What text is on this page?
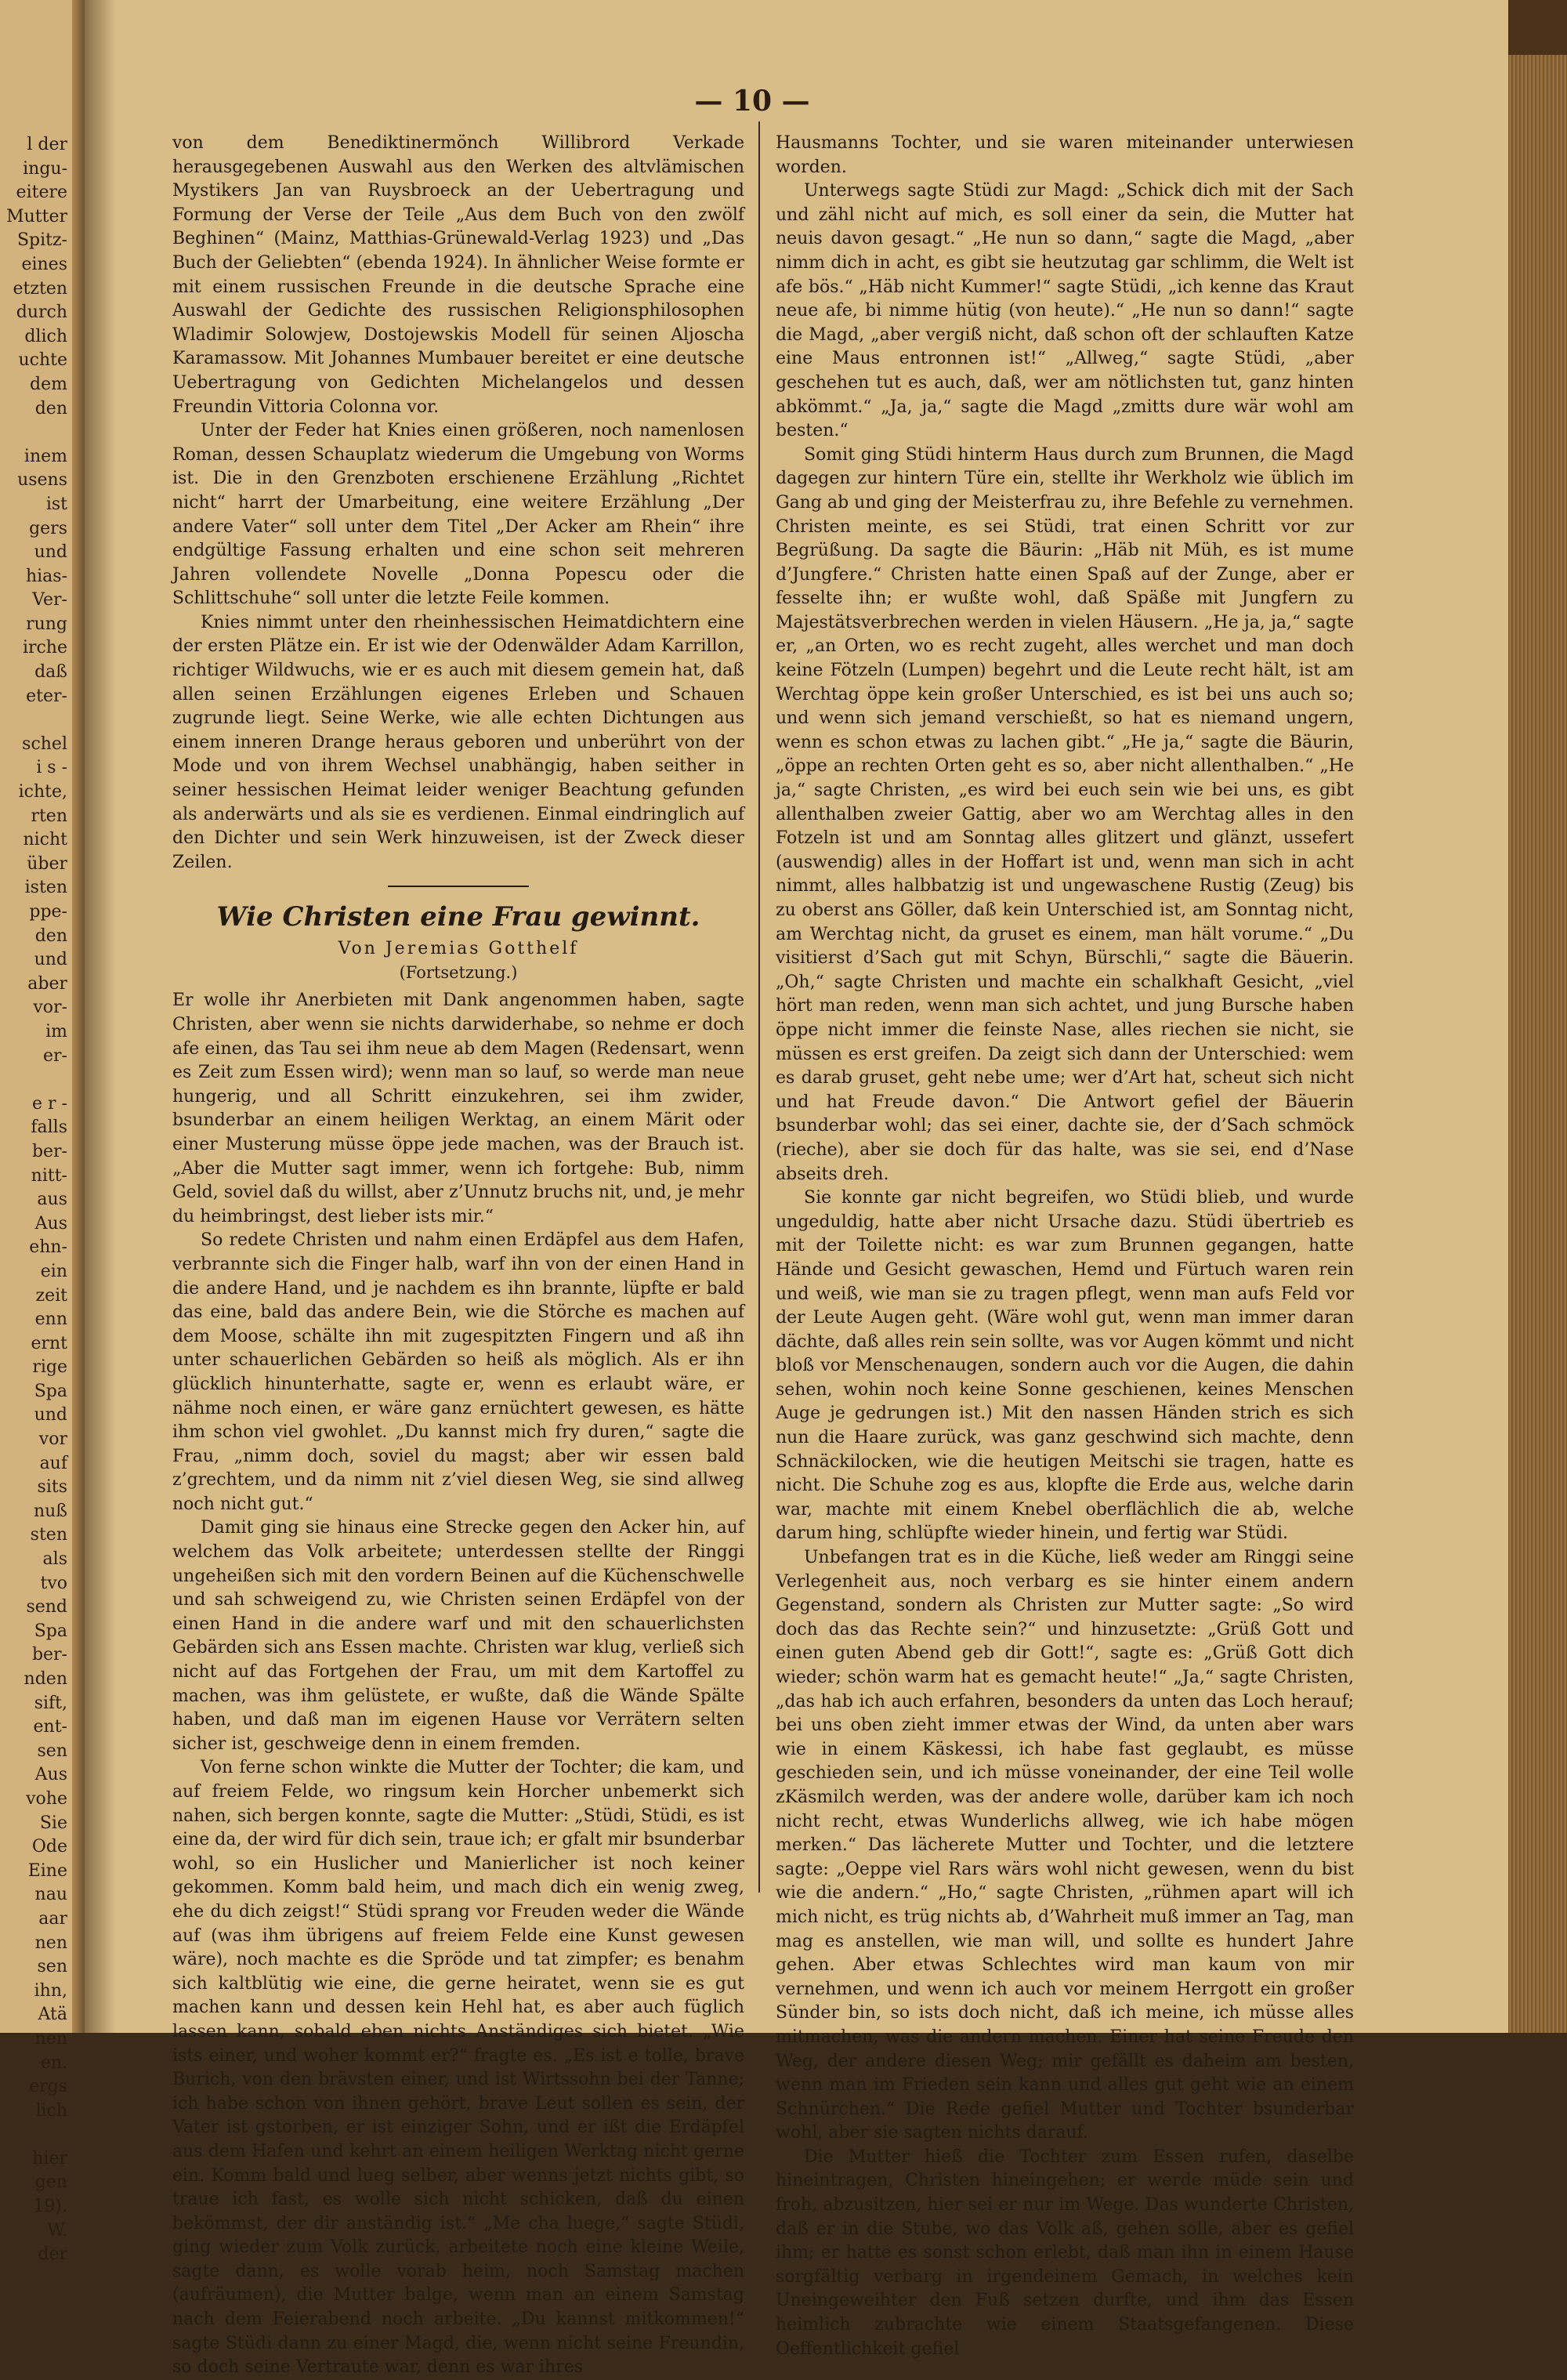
l der
ingu-
eitere
Mutter
Spitz-
eines
etzten
durch
dlich
uchte
dem
den

inem
usens
ist
gers
und
hias-
Ver-
rung
irche
daß
eter-

schel
i s -
ichte,
rten
nicht
über
isten
ppe-
den
und
aber
vor-
im
er-

e r -
falls
ber-
nitt-
aus
Aus
ehn-
ein
zeit
enn
ernt
rige
Spa
und
vor
auf
sits
nuß
sten
als
tvo
send
Spa
ber-
nden
sift,
ent-
sen
Aus
vohe
Sie
Ode
Eine
nau
aar
nen
sen
ihn,
Atä
nen
en.
ergs
lich

hier
gen
19).
W.
der
— 10 —

von dem Benediktinermönch Willibrord Verkade herausgegebenen Auswahl aus den Werken des altvlämischen Mystikers Jan van Ruysbroeck an der Uebertragung und Formung der Verse der Teile „Aus dem Buch von den zwölf Beghinen“ (Mainz, Matthias-Grünewald-Verlag 1923) und „Das Buch der Geliebten“ (ebenda 1924). In ähnlicher Weise formte er mit einem russischen Freunde in die deutsche Sprache eine Auswahl der Gedichte des russischen Religionsphilosophen Wladimir Solowjew, Dostojewskis Modell für seinen Aljoscha Karamassow. Mit Johannes Mumbauer bereitet er eine deutsche Uebertragung von Gedichten Michelangelos und dessen Freundin Vittoria Colonna vor.

Unter der Feder hat Knies einen größeren, noch namenlosen Roman, dessen Schauplatz wiederum die Umgebung von Worms ist. Die in den Grenzboten erschienene Erzählung „Richtet nicht“ harrt der Umarbeitung, eine weitere Erzählung „Der andere Vater“ soll unter dem Titel „Der Acker am Rhein“ ihre endgültige Fassung erhalten und eine schon seit mehreren Jahren vollendete Novelle „Donna Popescu oder die Schlittschuhe“ soll unter die letzte Feile kommen.

Knies nimmt unter den rheinhessischen Heimatdichtern eine der ersten Plätze ein. Er ist wie der Odenwälder Adam Karrillon, richtiger Wildwuchs, wie er es auch mit diesem gemein hat, daß allen seinen Erzählungen eigenes Erleben und Schauen zugrunde liegt. Seine Werke, wie alle echten Dichtungen aus einem inneren Drange heraus geboren und unberührt von der Mode und von ihrem Wechsel unabhängig, haben seither in seiner hessischen Heimat leider weniger Beachtung gefunden als anderwärts und als sie es verdienen. Einmal eindringlich auf den Dichter und sein Werk hinzuweisen, ist der Zweck dieser Zeilen.

Wie Christen eine Frau gewinnt.
Von Jeremias Gotthelf
(Fortsetzung.)

Er wolle ihr Anerbieten mit Dank angenommen haben, sagte Christen, aber wenn sie nichts darwiderhabe, so nehme er doch afe einen, das Tau sei ihm neue ab dem Magen (Redensart, wenn es Zeit zum Essen wird); wenn man so lauf, so werde man neue hungerig, und all Schritt einzukehren, sei ihm zwider, bsunderbar an einem heiligen Werktag, an einem Märit oder einer Musterung müsse öppe jede machen, was der Brauch ist. „Aber die Mutter sagt immer, wenn ich fortgehe: Bub, nimm Geld, soviel daß du willst, aber z’Unnutz bruchs nit, und, je mehr du heimbringst, dest lieber ists mir.“

So redete Christen und nahm einen Erdäpfel aus dem Hafen, verbrannte sich die Finger halb, warf ihn von der einen Hand in die andere Hand, und je nachdem es ihn brannte, lüpfte er bald das eine, bald das andere Bein, wie die Störche es machen auf dem Moose, schälte ihn mit zugespitzten Fingern und aß ihn unter schauerlichen Gebärden so heiß als möglich. Als er ihn glücklich hinunterhatte, sagte er, wenn es erlaubt wäre, er nähme noch einen, er wäre ganz ernüchtert gewesen, es hätte ihm schon viel gwohlet. „Du kannst mich fry duren,“ sagte die Frau, „nimm doch, soviel du magst; aber wir essen bald z’grechtem, und da nimm nit z’viel diesen Weg, sie sind allweg noch nicht gut.“

Damit ging sie hinaus eine Strecke gegen den Acker hin, auf welchem das Volk arbeitete; unterdessen stellte der Ringgi ungeheißen sich mit den vordern Beinen auf die Küchenschwelle und sah schweigend zu, wie Christen seinen Erdäpfel von der einen Hand in die andere warf und mit den schauerlichsten Gebärden sich ans Essen machte. Christen war klug, verließ sich nicht auf das Fortgehen der Frau, um mit dem Kartoffel zu machen, was ihm gelüstete, er wußte, daß die Wände Spälte haben, und daß man im eigenen Hause vor Verrätern selten sicher ist, geschweige denn in einem fremden.

Von ferne schon winkte die Mutter der Tochter; die kam, und auf freiem Felde, wo ringsum kein Horcher unbemerkt sich nahen, sich bergen konnte, sagte die Mutter: „Stüdi, Stüdi, es ist eine da, der wird für dich sein, traue ich; er gfalt mir bsunderbar wohl, so ein Huslicher und Manierlicher ist noch keiner gekommen. Komm bald heim, und mach dich ein wenig zweg, ehe du dich zeigst!“ Stüdi sprang vor Freuden weder die Wände auf (was ihm übrigens auf freiem Felde eine Kunst gewesen wäre), noch machte es die Spröde und tat zimpfer; es benahm sich kaltblütig wie eine, die gerne heiratet, wenn sie es gut machen kann und dessen kein Hehl hat, es aber auch füglich lassen kann, sobald eben nichts Anständiges sich bietet. „Wie ists einer, und woher kommt er?“ fragte es. „Es ist e tolle, brave Burich, von den brävsten einer, und ist Wirtssohn bei der Tanne; ich habe schon von ihnen gehört, brave Leut sollen es sein, der Vater ist gstorben, er ist einziger Sohn, und er ißt die Erdäpfel aus dem Hafen und kehrt an einem heiligen Werktag nicht gerne ein. Komm bald und lueg selber, aber wenns jetzt nichts gibt, so traue ich fast, es wolle sich nicht schicken, daß du einen bekömmst, der dir anständig ist.“ „Me cha luege,“ sagte Stüdi, ging wieder zum Volk zurück, arbeitete noch eine kleine Weile, sagte dann, es wolle vorab heim, noch Samstag machen (aufräumen), die Mutter balge, wenn man an einem Samstag nach dem Feierabend noch arbeite. „Du kannst mitkommen!“ sagte Stüdi dann zu einer Magd, die, wenn nicht seine Freundin, so doch seine Vertraute war, denn es war ihres

Hausmanns Tochter, und sie waren miteinander unterwiesen worden.

Unterwegs sagte Stüdi zur Magd: „Schick dich mit der Sach und zähl nicht auf mich, es soll einer da sein, die Mutter hat neuis davon gesagt.“ „He nun so dann,“ sagte die Magd, „aber nimm dich in acht, es gibt sie heutzutag gar schlimm, die Welt ist afe bös.“ „Häb nicht Kummer!“ sagte Stüdi, „ich kenne das Kraut neue afe, bi nimme hütig (von heute).“ „He nun so dann!“ sagte die Magd, „aber vergiß nicht, daß schon oft der schlauften Katze eine Maus entronnen ist!“ „Allweg,“ sagte Stüdi, „aber geschehen tut es auch, daß, wer am nötlichsten tut, ganz hinten abkömmt.“ „Ja, ja,“ sagte die Magd „zmitts dure wär wohl am besten.“

Somit ging Stüdi hinterm Haus durch zum Brunnen, die Magd dagegen zur hintern Türe ein, stellte ihr Werkholz wie üblich im Gang ab und ging der Meisterfrau zu, ihre Befehle zu vernehmen. Christen meinte, es sei Stüdi, trat einen Schritt vor zur Begrüßung. Da sagte die Bäurin: „Häb nit Müh, es ist mume d’Jungfere.“ Christen hatte einen Spaß auf der Zunge, aber er fesselte ihn; er wußte wohl, daß Späße mit Jungfern zu Majestätsverbrechen werden in vielen Häusern. „He ja, ja,“ sagte er, „an Orten, wo es recht zugeht, alles werchet und man doch keine Fötzeln (Lumpen) begehrt und die Leute recht hält, ist am Werchtag öppe kein großer Unterschied, es ist bei uns auch so; und wenn sich jemand verschießt, so hat es niemand ungern, wenn es schon etwas zu lachen gibt.“ „He ja,“ sagte die Bäurin, „öppe an rechten Orten geht es so, aber nicht allenthalben.“ „He ja,“ sagte Christen, „es wird bei euch sein wie bei uns, es gibt allenthalben zweier Gattig, aber wo am Werchtag alles in den Fotzeln ist und am Sonntag alles glitzert und glänzt, ussefert (auswendig) alles in der Hoffart ist und, wenn man sich in acht nimmt, alles halbbatzig ist und ungewaschene Rustig (Zeug) bis zu oberst ans Göller, daß kein Unterschied ist, am Sonntag nicht, am Werchtag nicht, da gruset es einem, man hält vorume.“ „Du visitierst d’Sach gut mit Schyn, Bürschli,“ sagte die Bäuerin. „Oh,“ sagte Christen und machte ein schalkhaft Gesicht, „viel hört man reden, wenn man sich achtet, und jung Bursche haben öppe nicht immer die feinste Nase, alles riechen sie nicht, sie müssen es erst greifen. Da zeigt sich dann der Unterschied: wem es darab gruset, geht nebe ume; wer d’Art hat, scheut sich nicht und hat Freude davon.“ Die Antwort gefiel der Bäuerin bsunderbar wohl; das sei einer, dachte sie, der d’Sach schmöck (rieche), aber sie doch für das halte, was sie sei, end d’Nase abseits dreh.

Sie konnte gar nicht begreifen, wo Stüdi blieb, und wurde ungeduldig, hatte aber nicht Ursache dazu. Stüdi übertrieb es mit der Toilette nicht: es war zum Brunnen gegangen, hatte Hände und Gesicht gewaschen, Hemd und Fürtuch waren rein und weiß, wie man sie zu tragen pflegt, wenn man aufs Feld vor der Leute Augen geht. (Wäre wohl gut, wenn man immer daran dächte, daß alles rein sein sollte, was vor Augen kömmt und nicht bloß vor Menschenaugen, sondern auch vor die Augen, die dahin sehen, wohin noch keine Sonne geschienen, keines Menschen Auge je gedrungen ist.) Mit den nassen Händen strich es sich nun die Haare zurück, was ganz geschwind sich machte, denn Schnäckilocken, wie die heutigen Meitschi sie tragen, hatte es nicht. Die Schuhe zog es aus, klopfte die Erde aus, welche darin war, machte mit einem Knebel oberflächlich die ab, welche darum hing, schlüpfte wieder hinein, und fertig war Stüdi.

Unbefangen trat es in die Küche, ließ weder am Ringgi seine Verlegenheit aus, noch verbarg es sie hinter einem andern Gegenstand, sondern als Christen zur Mutter sagte: „So wird doch das das Rechte sein?“ und hinzusetzte: „Grüß Gott und einen guten Abend geb dir Gott!“, sagte es: „Grüß Gott dich wieder; schön warm hat es gemacht heute!“ „Ja,“ sagte Christen, „das hab ich auch erfahren, besonders da unten das Loch herauf; bei uns oben zieht immer etwas der Wind, da unten aber wars wie in einem Käskessi, ich habe fast geglaubt, es müsse geschieden sein, und ich müsse voneinander, der eine Teil wolle zKäsmilch werden, was der andere wolle, darüber kam ich noch nicht recht, etwas Wunderlichs allweg, wie ich habe mögen merken.“ Das lächerete Mutter und Tochter, und die letztere sagte: „Oeppe viel Rars wärs wohl nicht gewesen, wenn du bist wie die andern.“ „Ho,“ sagte Christen, „rühmen apart will ich mich nicht, es trüg nichts ab, d’Wahrheit muß immer an Tag, man mag es anstellen, wie man will, und sollte es hundert Jahre gehen. Aber etwas Schlechtes wird man kaum von mir vernehmen, und wenn ich auch vor meinem Herrgott ein großer Sünder bin, so ists doch nicht, daß ich meine, ich müsse alles mitmachen, was die andern machen. Einer hat seine Freude den Weg, der andere diesen Weg; mir gefällt es daheim am besten, wenn man im Frieden sein kann und alles gut geht wie an einem Schnürchen.“ Die Rede gefiel Mutter und Tochter bsunderbar wohl, aber sie sagten nichts darauf.

Die Mutter hieß die Tochter zum Essen rufen, daselbe hineintragen, Christen hineingehen; er werde müde sein und froh, abzusitzen, hier sei er nur im Wege. Das wunderte Christen, daß er in die Stube, wo das Volk aß, gehen solle, aber es gefiel ihm; er hatte es sonst schon erlebt, daß man ihn in einem Hause sorgfältig verbarg in irgendeinem Gemach, in welches kein Uneingeweihter den Fuß setzen durfte, und ihm das Essen heimlich zubrachte wie einem Staatsgefangenen. Diese Oeffentlichkeit gefiel
